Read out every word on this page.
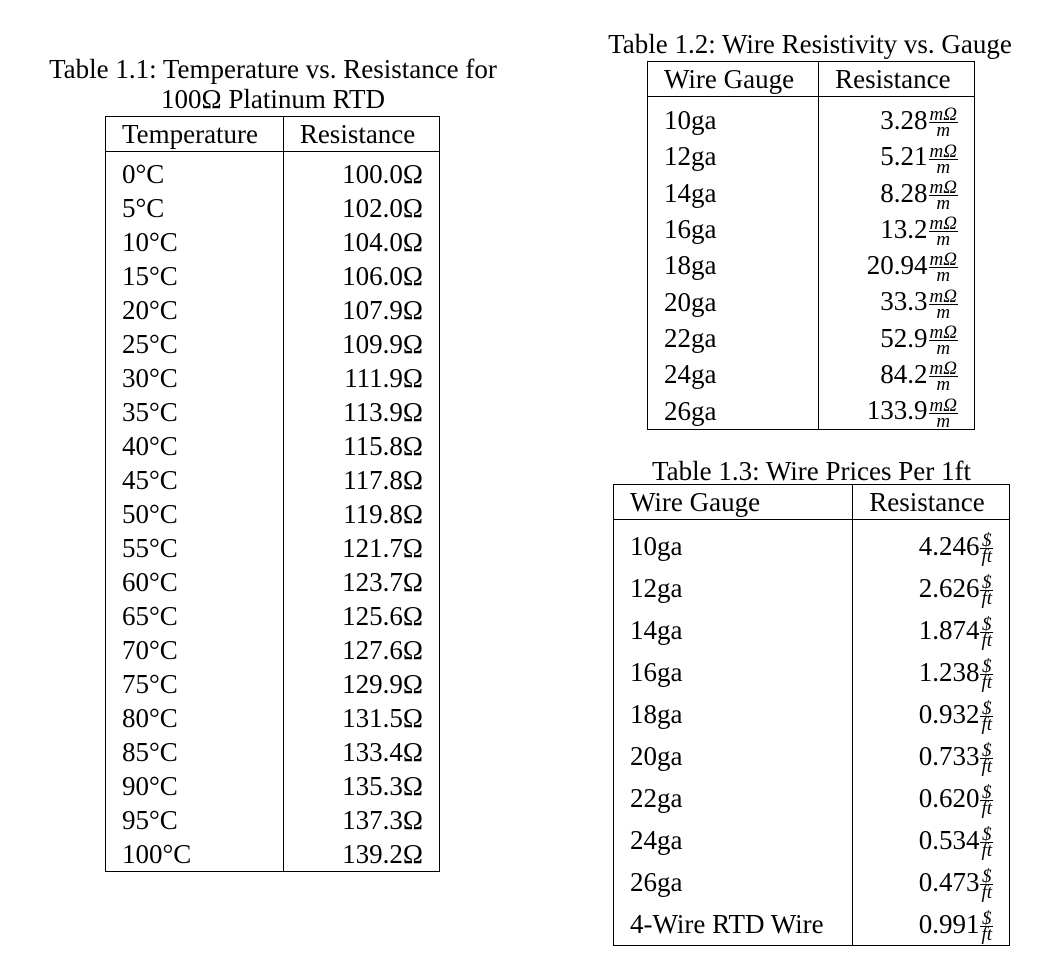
Table 1.1: Temperature vs. Resistance for
100Ω Platinum RTD
Temperature	Resistance

0°C	100.0Ω
5°C	102.0Ω
10°C	104.0Ω
15°C	106.0Ω
20°C	107.9Ω
25°C	109.9Ω
30°C	111.9Ω
35°C	113.9Ω
40°C	115.8Ω
45°C	117.8Ω
50°C	119.8Ω
55°C	121.7Ω
60°C	123.7Ω
65°C	125.6Ω
70°C	127.6Ω
75°C	129.9Ω
80°C	131.5Ω
85°C	133.4Ω
90°C	135.3Ω
95°C	137.3Ω
100°C	139.2Ω
Table 1.2: Wire Resistivity vs. Gauge
Wire Gauge	Resistance

10ga	$3.28 \frac{m\Omega}{m}$

12ga	$5.21 \frac{m\Omega}{m}$

14ga	$8.28 \frac{m\Omega}{m}$

16ga	$13.2 \frac{m\Omega}{m}$

18ga	$20.94 \frac{m\Omega}{m}$

20ga	$33.3 \frac{m\Omega}{m}$

22ga	$52.9 \frac{m\Omega}{m}$

24ga	$84.2 \frac{m\Omega}{m}$

26ga	$133.9 \frac{m\Omega}{m}$
Table 1.3: Wire Prices Per 1ft
Wire Gauge	Resistance

10ga	$4.246 \frac{\$}{ft}$

12ga	$2.626 \frac{\$}{ft}$

14ga	$1.874 \frac{\$}{ft}$

16ga	$1.238 \frac{\$}{ft}$

18ga	$0.932 \frac{\$}{ft}$

20ga	$0.733 \frac{\$}{ft}$

22ga	$0.620 \frac{\$}{ft}$

24ga	$0.534 \frac{\$}{ft}$

26ga	$0.473 \frac{\$}{ft}$

4-Wire RTD Wire	$0.991 \frac{\$}{ft}$
